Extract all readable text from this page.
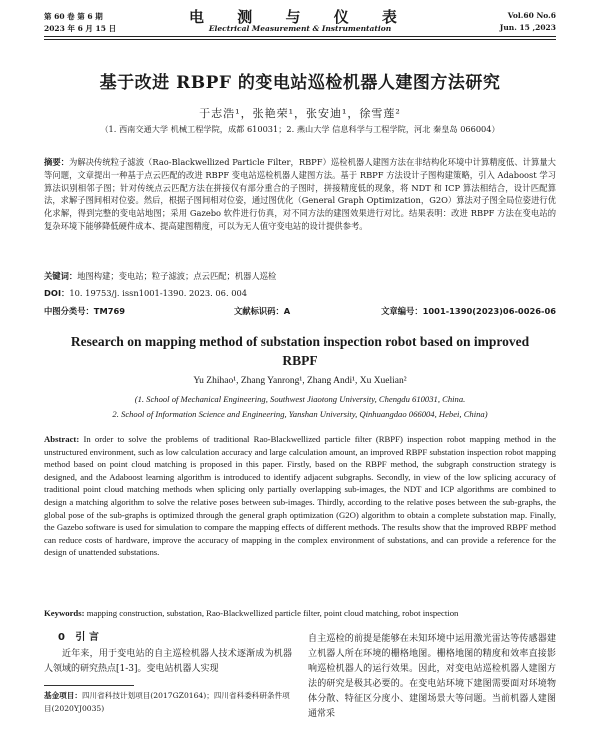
第 60 卷 第 6 期
2023 年 6 月 15 日
电 测 与 仪 表
Electrical Measurement & Instrumentation
Vol.60 No.6
Jun. 15 ,2023
基于改进 RBPF 的变电站巡检机器人建图方法研究
于志浩¹，张艳荣¹，张安迪¹，徐雪莲²
（1. 西南交通大学 机械工程学院，成都 610031；2. 燕山大学 信息科学与工程学院，河北 秦皇岛 066004）
摘要：为解决传统粒子滤波（Rao-Blackwellized Particle Filter，RBPF）巡检机器人建图方法在非结构化环境中计算精度低、计算量大等问题，文章提出一种基于点云匹配的改进 RBPF 变电站巡检机器人建图方法。基于 RBPF 方法设计子图构建策略，引入 Adaboost 学习算法识别相邻子图；针对传统点云匹配方法在拼接仅有部分重合的子图时，拼接精度低的现象，将 NDT 和 ICP 算法相结合，设计匹配算法，求解子图间相对位姿。然后，根据子图间相对位姿，通过图优化（General Graph Optimization，G2O）算法对子图全局位姿进行优化求解，得到完整的变电站地图；采用 Gazebo 软件进行仿真，对不同方法的建图效果进行对比。结果表明：改进 RBPF 方法在变电站的复杂环境下能够降低硬件成本、提高建图精度，可以为无人值守变电站的设计提供参考。
关键词：地图构建；变电站；粒子滤波；点云匹配；机器人巡检
DOI：10. 19753/j. issn1001-1390. 2023. 06. 004
中图分类号：TM769	文献标识码：A	文章编号：1001-1390(2023)06-0026-06
Research on mapping method of substation inspection robot based on improved RBPF
Yu Zhihao¹, Zhang Yanrong¹, Zhang Andi¹, Xu Xuelian²
(1. School of Mechanical Engineering, Southwest Jiaotong University, Chengdu 610031, China.
2. School of Information Science and Engineering, Yanshan University, Qinhuangdao 066004, Hebei, China)
Abstract: In order to solve the problems of traditional Rao-Blackwellized particle filter (RBPF) inspection robot mapping method in the unstructured environment, such as low calculation accuracy and large calculation amount, an improved RBPF substation inspection robot mapping method based on point cloud matching is proposed in this paper. Firstly, based on the RBPF method, the subgraph construction strategy is designed, and the Adaboost learning algorithm is introduced to identify adjacent subgraphs. Secondly, in view of the low splicing accuracy of traditional point cloud matching methods when splicing only partially overlapping sub-images, the NDT and ICP algorithms are combined to design a matching algorithm to solve the relative poses between sub-images. Thirdly, according to the relative poses between the sub-graphs, the global pose of the sub-graphs is optimized through the general graph optimization (G2O) algorithm to obtain a complete substation map. Finally, the Gazebo software is used for simulation to compare the mapping effects of different methods. The results show that the improved RBPF method can reduce costs of hardware, improve the accuracy of mapping in the complex environment of substations, and can provide a reference for the design of unattended substations.
Keywords: mapping construction, substation, Rao-Blackwellized particle filter, point cloud matching, robot inspection
0 引 言
近年来，用于变电站的自主巡检机器人技术逐渐成为机器人领域的研究热点[1-3]。变电站机器人实现
基金项目：四川省科技计划项目(2017GZ0164)；四川省科委科研条件项目(2020YJ0035)
自主巡检的前提是能够在未知环境中运用激光雷达等传感器建立机器人所在环境的栅格地图。栅格地图的精度和效率直接影响巡检机器人的运行效果。因此，对变电站巡检机器人建图方法的研究是极其必要的。在变电站环境下建图需要面对环境物体分散、特征区分度小、建图场景大等问题。当前机器人建图通常采
